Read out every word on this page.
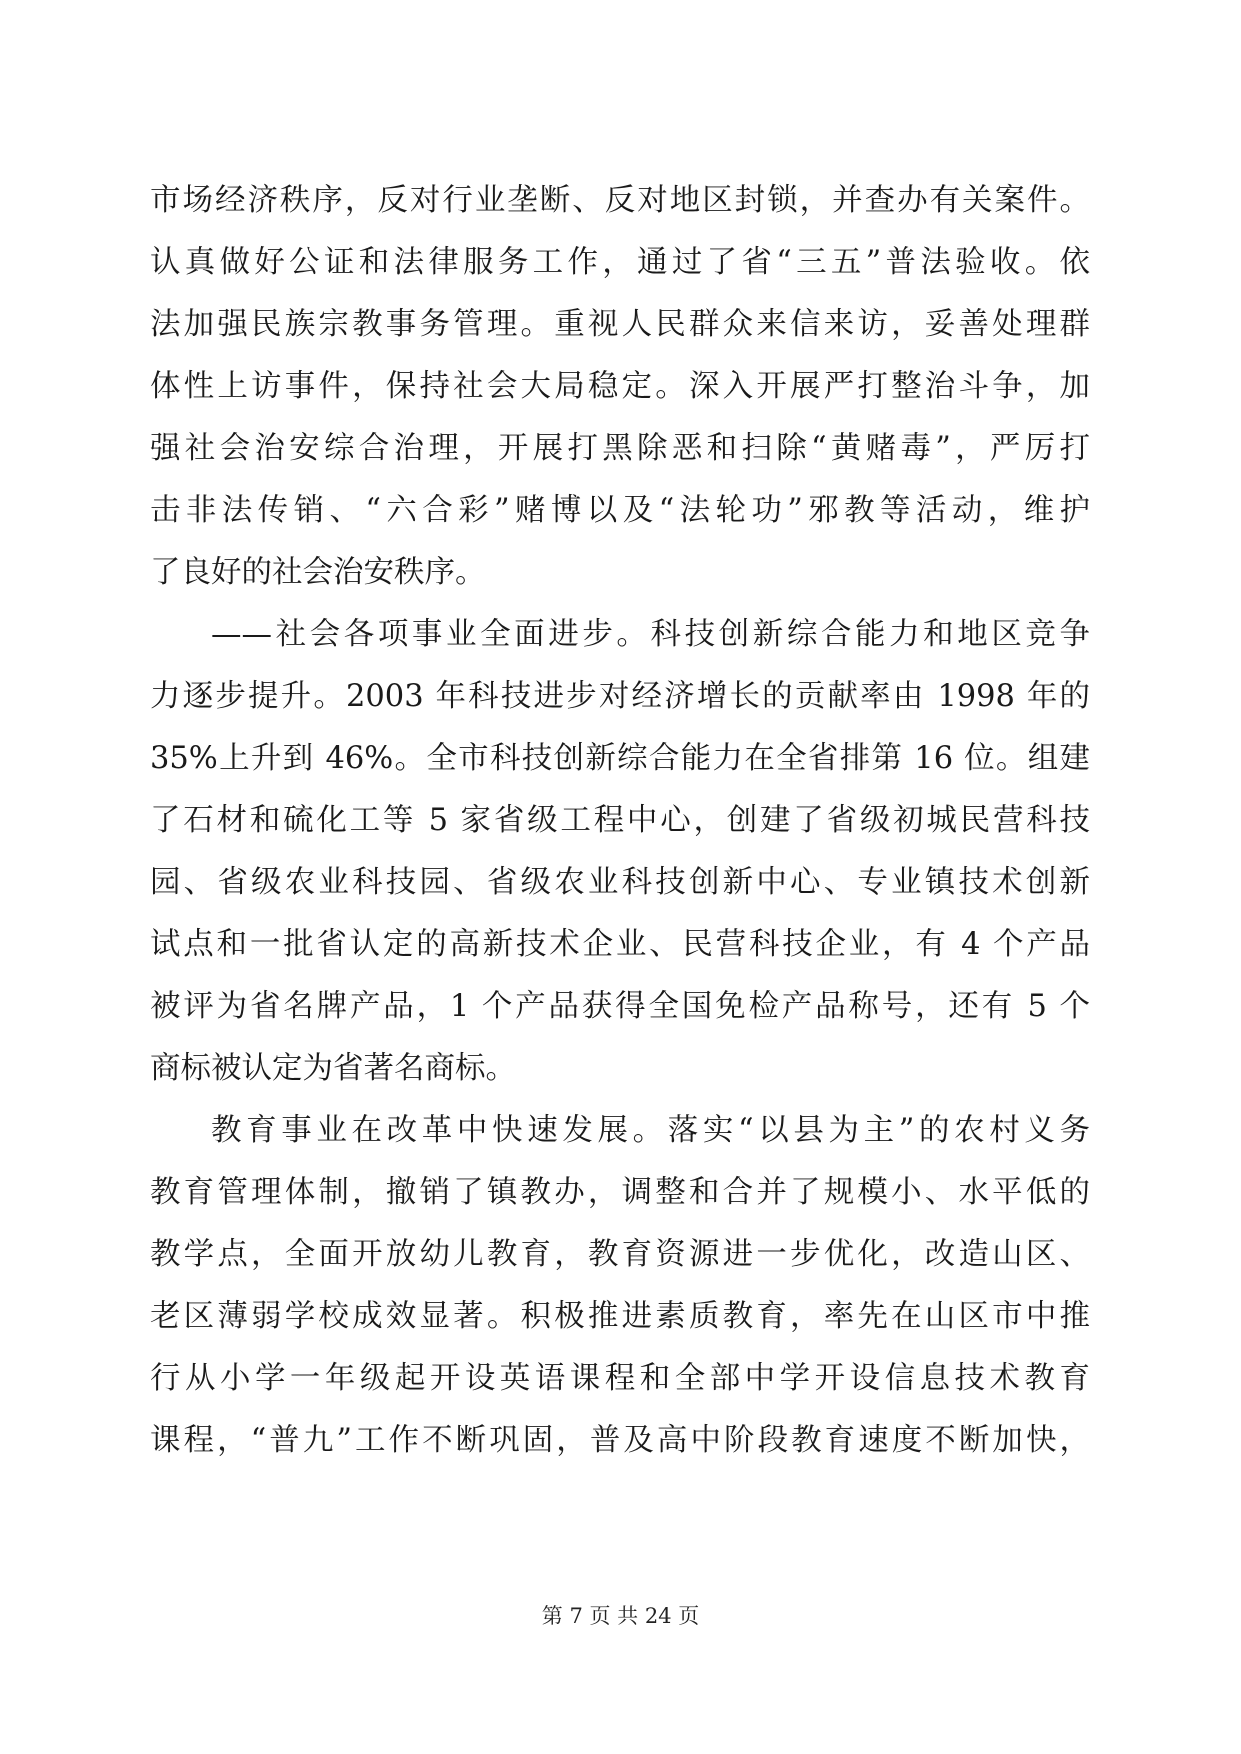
市场经济秩序，反对行业垄断、反对地区封锁，并查办有关案件。
认真做好公证和法律服务工作，通过了省“三五”普法验收。依
法加强民族宗教事务管理。重视人民群众来信来访，妥善处理群
体性上访事件，保持社会大局稳定。深入开展严打整治斗争，加
强社会治安综合治理，开展打黑除恶和扫除“黄赌毒”，严厉打
击非法传销、“六合彩”赌博以及“法轮功”邪教等活动，维护
了良好的社会治安秩序。
——社会各项事业全面进步。科技创新综合能力和地区竞争
力逐步提升。2003 年科技进步对经济增长的贡献率由 1998 年的
35%上升到 46%。全市科技创新综合能力在全省排第 16 位。组建
了石材和硫化工等 5 家省级工程中心，创建了省级初城民营科技
园、省级农业科技园、省级农业科技创新中心、专业镇技术创新
试点和一批省认定的高新技术企业、民营科技企业，有 4 个产品
被评为省名牌产品，1 个产品获得全国免检产品称号，还有 5 个
商标被认定为省著名商标。
教育事业在改革中快速发展。落实“以县为主”的农村义务
教育管理体制，撤销了镇教办，调整和合并了规模小、水平低的
教学点，全面开放幼儿教育，教育资源进一步优化，改造山区、
老区薄弱学校成效显著。积极推进素质教育，率先在山区市中推
行从小学一年级起开设英语课程和全部中学开设信息技术教育
课程，“普九”工作不断巩固，普及高中阶段教育速度不断加快，
第 7 页 共 24 页
